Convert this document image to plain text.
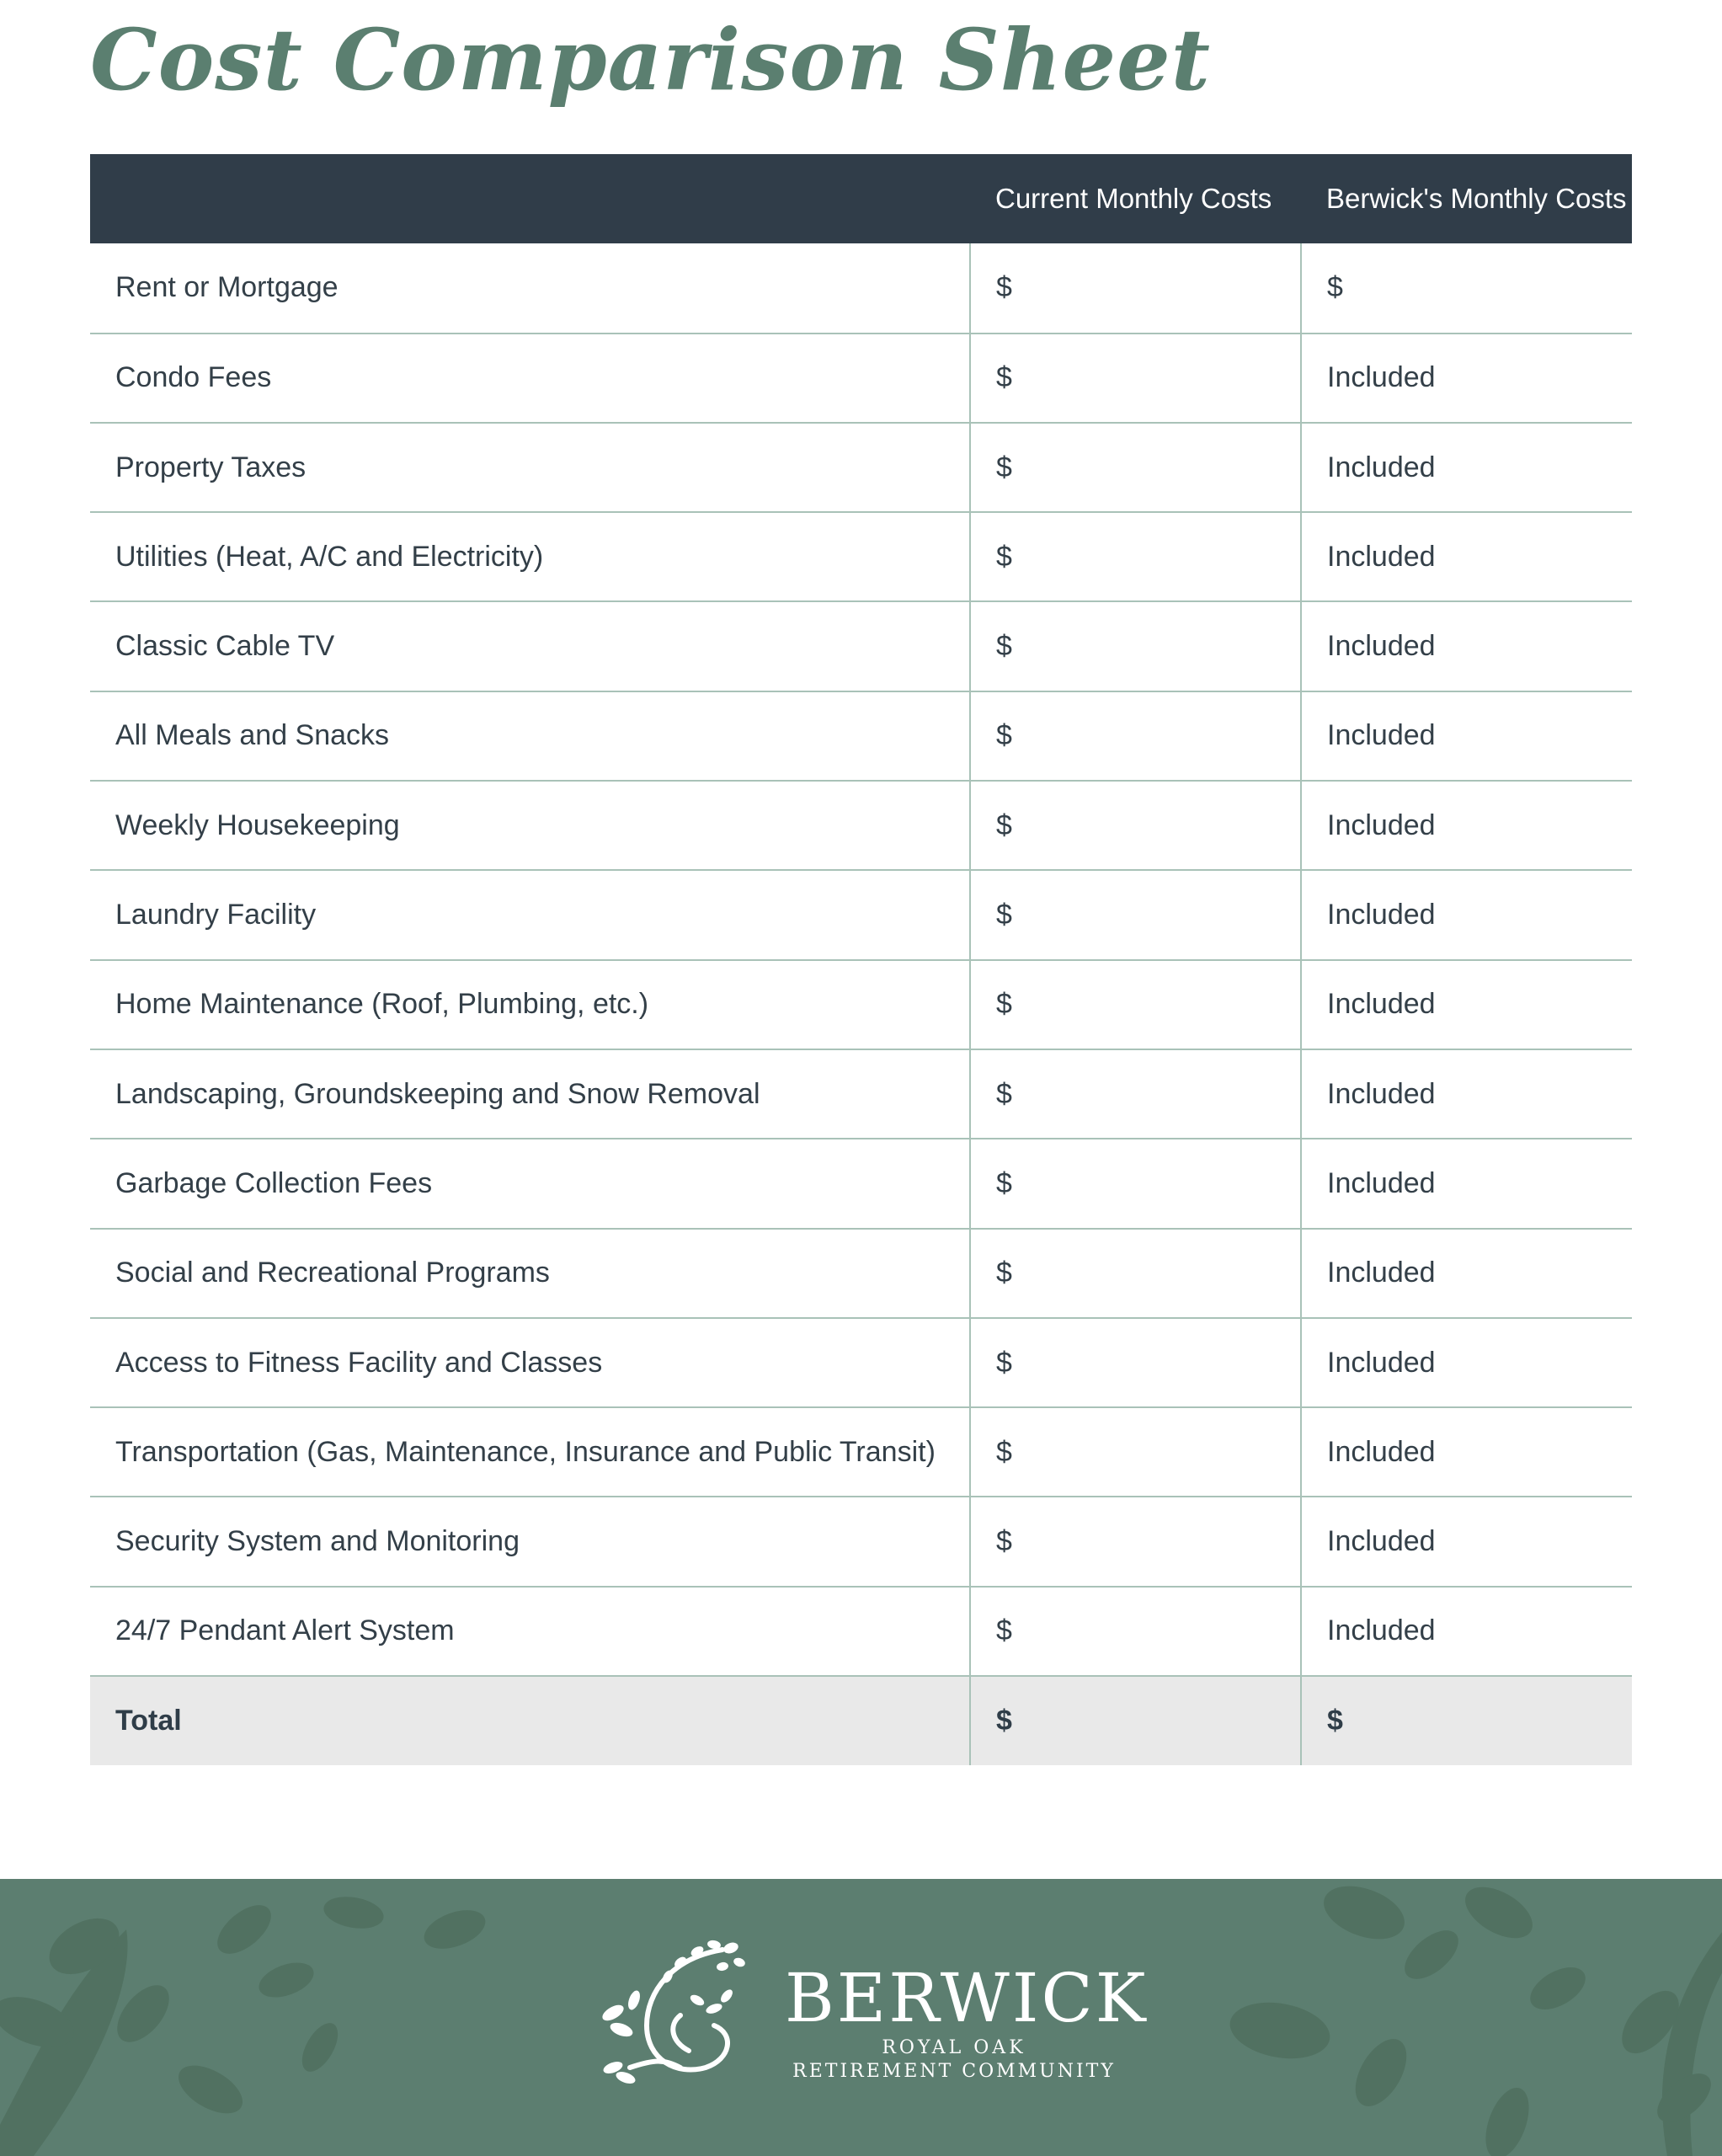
Cost Comparison Sheet
	Current Monthly Costs	Berwick's Monthly Costs
Rent or Mortgage	$	$
Condo Fees	$	Included
Property Taxes	$	Included
Utilities (Heat, A/C and Electricity)	$	Included
Classic Cable TV	$	Included
All Meals and Snacks	$	Included
Weekly Housekeeping	$	Included
Laundry Facility	$	Included
Home Maintenance (Roof, Plumbing, etc.)	$	Included
Landscaping, Groundskeeping and Snow Removal	$	Included
Garbage Collection Fees	$	Included
Social and Recreational Programs	$	Included
Access to Fitness Facility and Classes	$	Included
Transportation (Gas, Maintenance, Insurance and Public Transit)	$	Included
Security System and Monitoring	$	Included
24/7 Pendant Alert System	$	Included
Total	$	$
BERWICK
ROYAL OAK
RETIREMENT COMMUNITY
